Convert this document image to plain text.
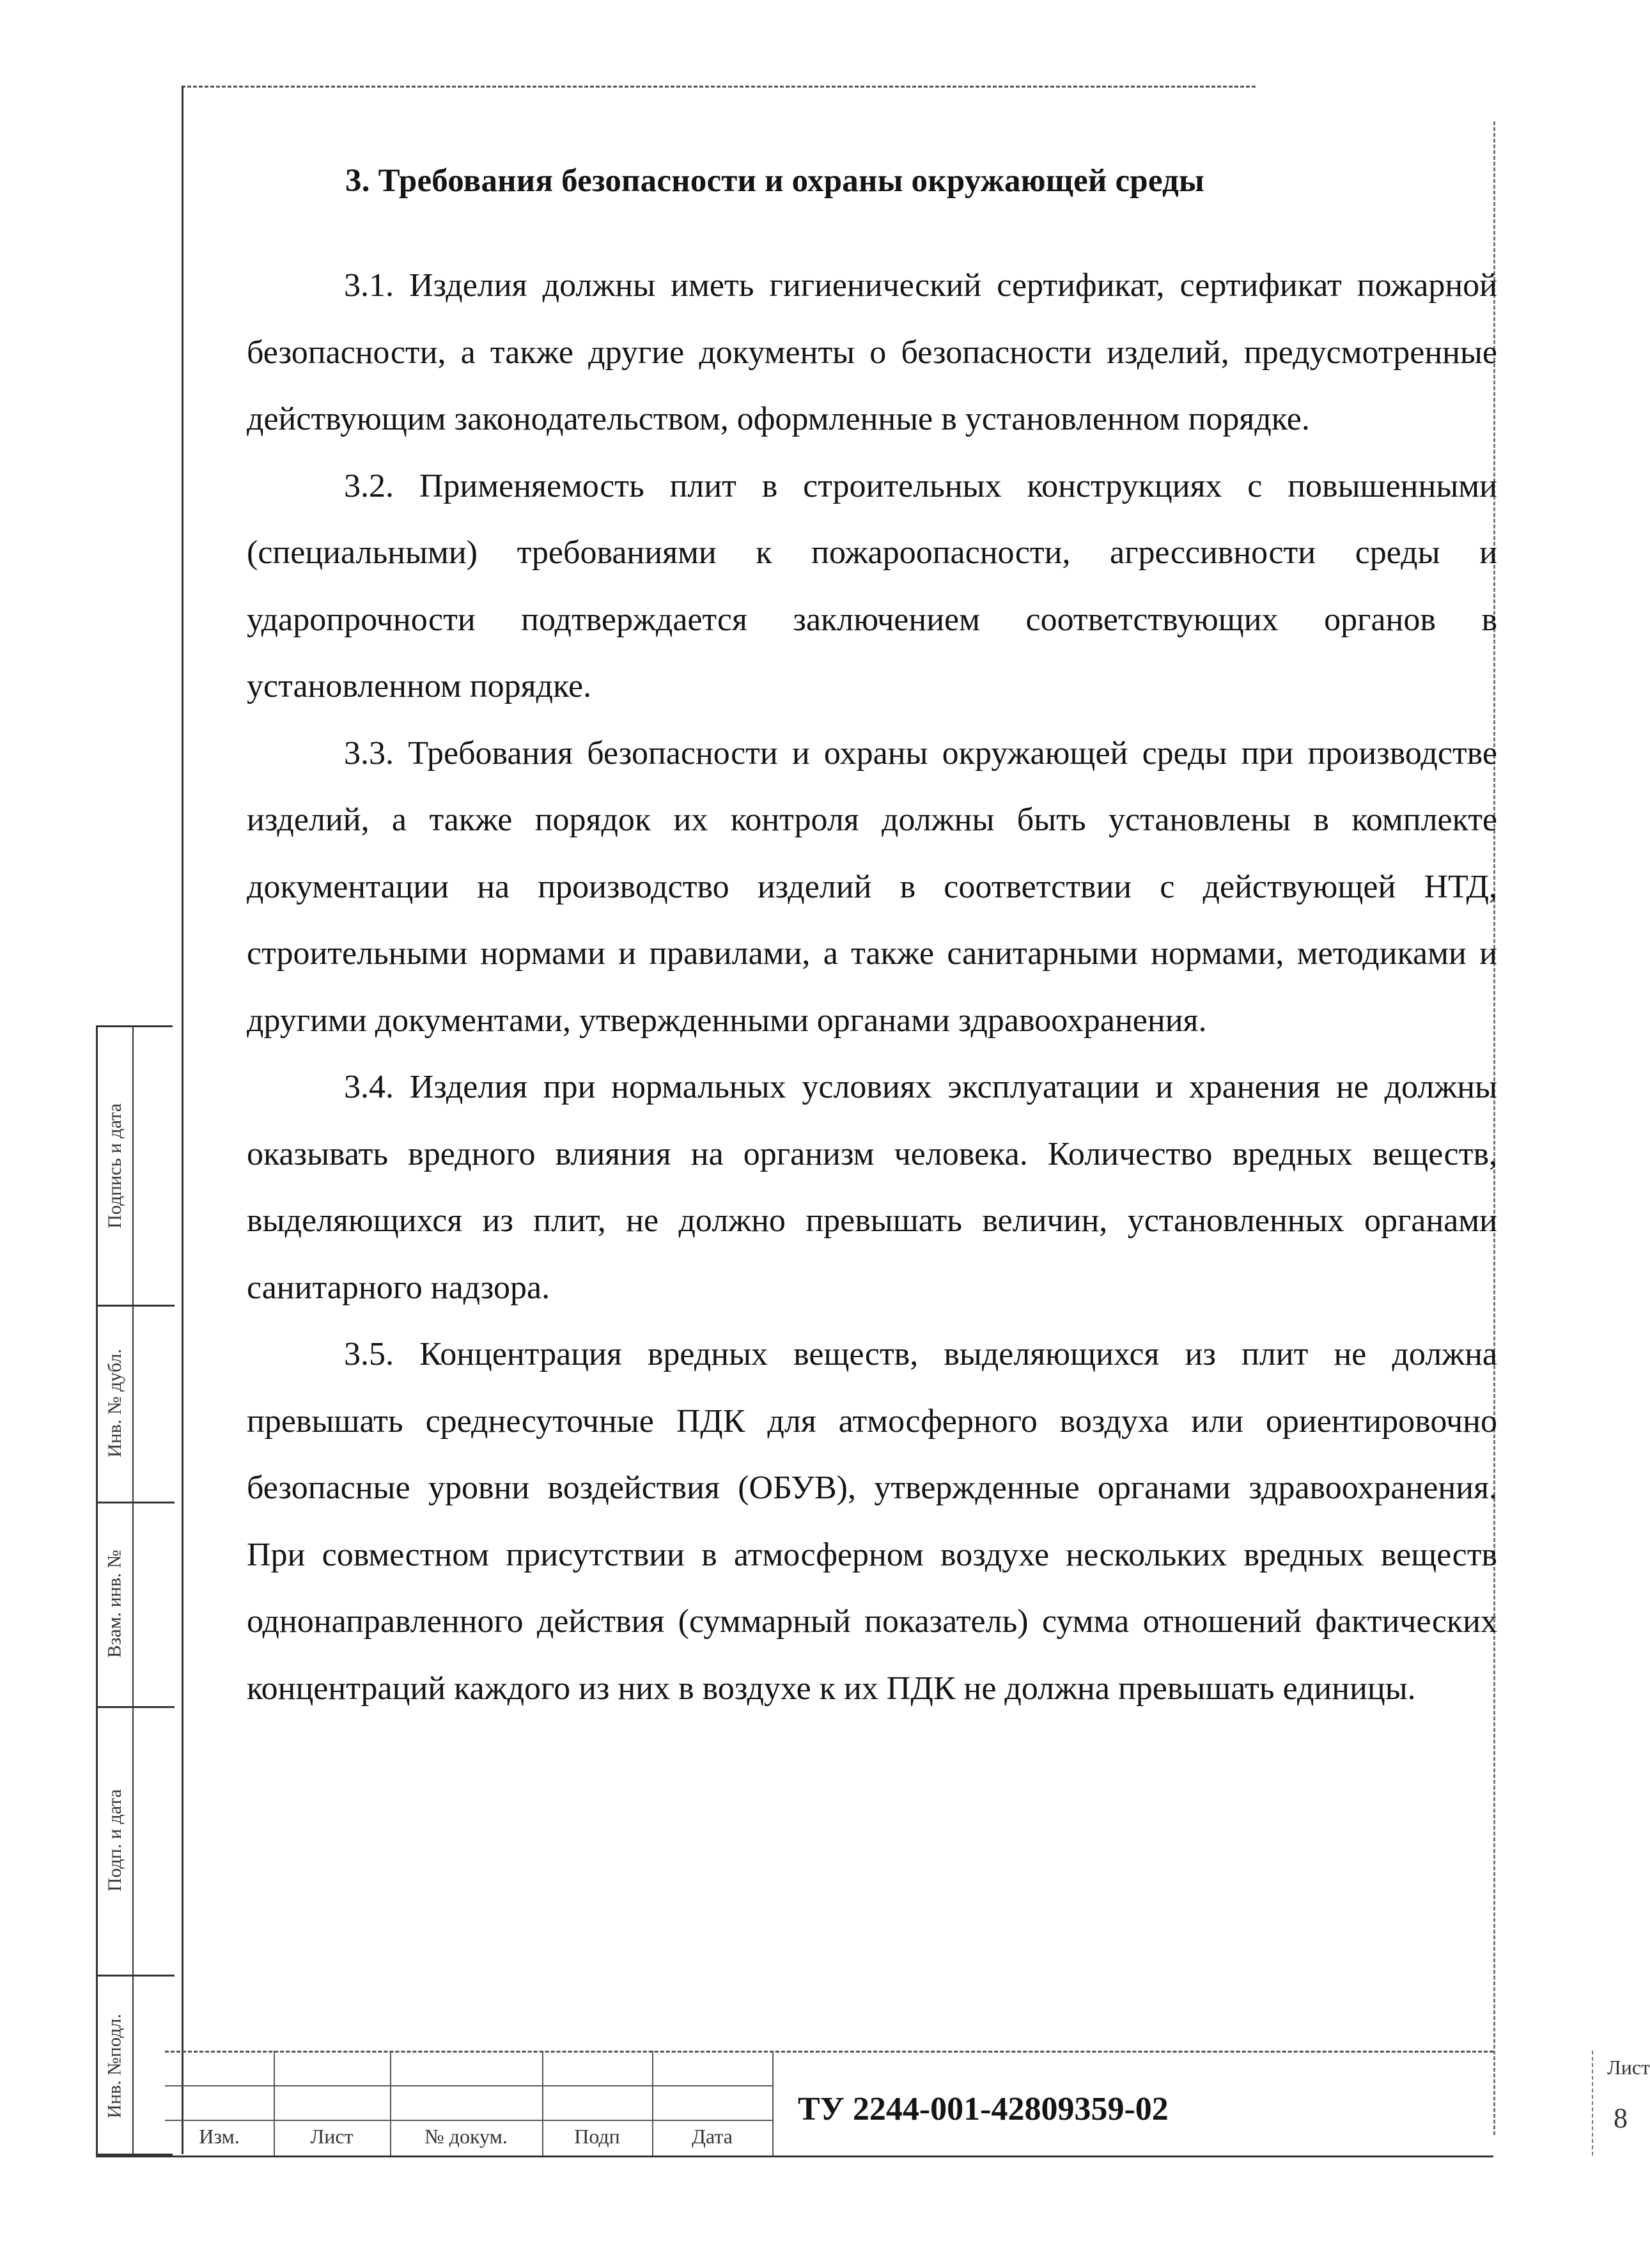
3. Требования безопасности и охраны окружающей среды

3.1. Изделия должны иметь гигиенический сертификат, сертификат пожарной безопасности, а также другие документы о безопасности изделий, предусмотренные действующим законодательством, оформленные в установленном порядке.

3.2. Применяемость плит в строительных конструкциях с повышенными (специальными) требованиями к пожароопасности, агрессивности среды и ударопрочности подтверждается заключением соответствующих органов в установленном порядке.

3.3. Требования безопасности и охраны окружающей среды при производстве изделий, а также порядок их контроля должны быть установлены в комплекте документации на производство изделий в соответствии с действующей НТД, строительными нормами и правилами, а также санитарными нормами, методиками и другими документами, утвержденными органами здравоохранения.

3.4. Изделия при нормальных условиях эксплуатации и хранения не должны оказывать вредного влияния на организм человека. Количество вредных веществ, выделяющихся из плит, не должно превышать величин, установленных органами санитарного надзора.

3.5. Концентрация вредных веществ, выделяющихся из плит не должна превышать среднесуточные ПДК для атмосферного воздуха или ориентировочно безопасные уровни воздействия (ОБУВ), утвержденные органами здравоохранения. При совместном присутствии в атмосферном воздухе нескольких вредных веществ однонаправленного действия (суммарный показатель) сумма отношений фактических концентраций каждого из них в воздухе к их ПДК не должна превышать единицы.

Подпись и дата
Инв. № дубл.
Взам. инв. №
Подп. и дата
Инв. №подл.
Изм.	Лист	№ докум.	Подп	Дата
ТУ 2244-001-42809359-02
Лист
8
